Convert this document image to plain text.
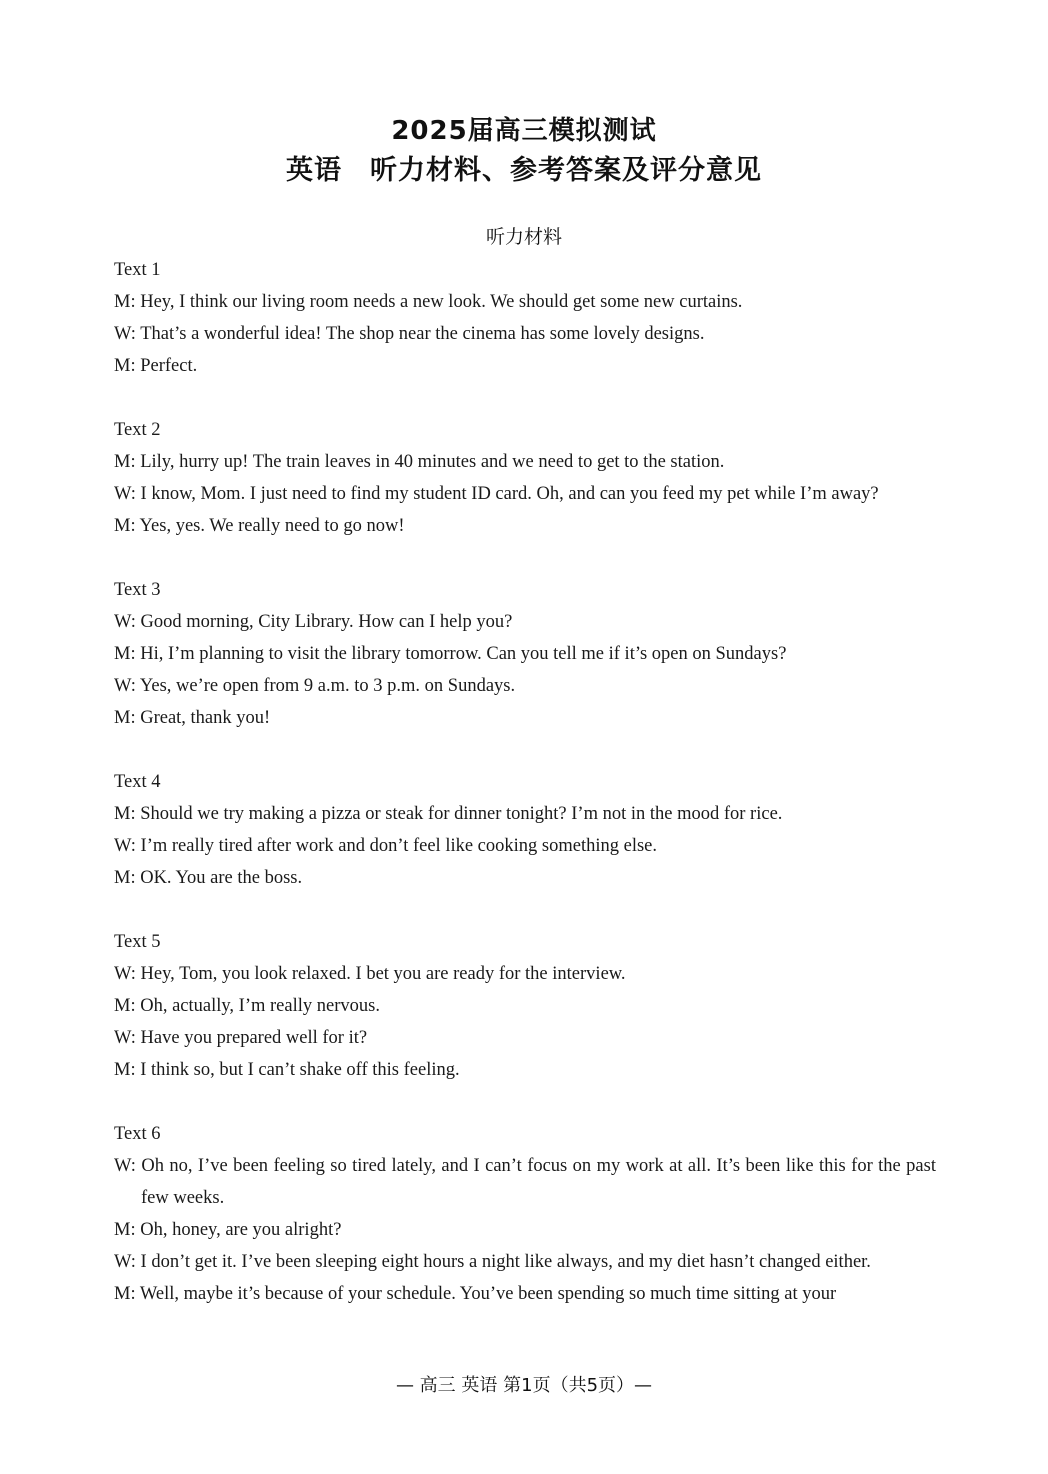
2025届高三模拟测试
英语　听力材料、参考答案及评分意见
听力材料

Text 1

M: Hey, I think our living room needs a new look. We should get some new curtains.

W: That’s a wonderful idea! The shop near the cinema has some lovely designs.

M: Perfect.

Text 2

M: Lily, hurry up! The train leaves in 40 minutes and we need to get to the station.

W: I know, Mom. I just need to find my student ID card. Oh, and can you feed my pet while I’m away?

M: Yes, yes. We really need to go now!

Text 3

W: Good morning, City Library. How can I help you?

M: Hi, I’m planning to visit the library tomorrow. Can you tell me if it’s open on Sundays?

W: Yes, we’re open from 9 a.m. to 3 p.m. on Sundays.

M: Great, thank you!

Text 4

M: Should we try making a pizza or steak for dinner tonight? I’m not in the mood for rice.

W: I’m really tired after work and don’t feel like cooking something else.

M: OK. You are the boss.

Text 5

W: Hey, Tom, you look relaxed. I bet you are ready for the interview.

M: Oh, actually, I’m really nervous.

W: Have you prepared well for it?

M: I think so, but I can’t shake off this feeling.

Text 6

W: Oh no, I’ve been feeling so tired lately, and I can’t focus on my work at all. It’s been like this for the past few weeks.

M: Oh, honey, are you alright?

W: I don’t get it. I’ve been sleeping eight hours a night like always, and my diet hasn’t changed either.

M: Well, maybe it’s because of your schedule. You’ve been spending so much time sitting at your

— 高三 英语 第1页（共5页）—
